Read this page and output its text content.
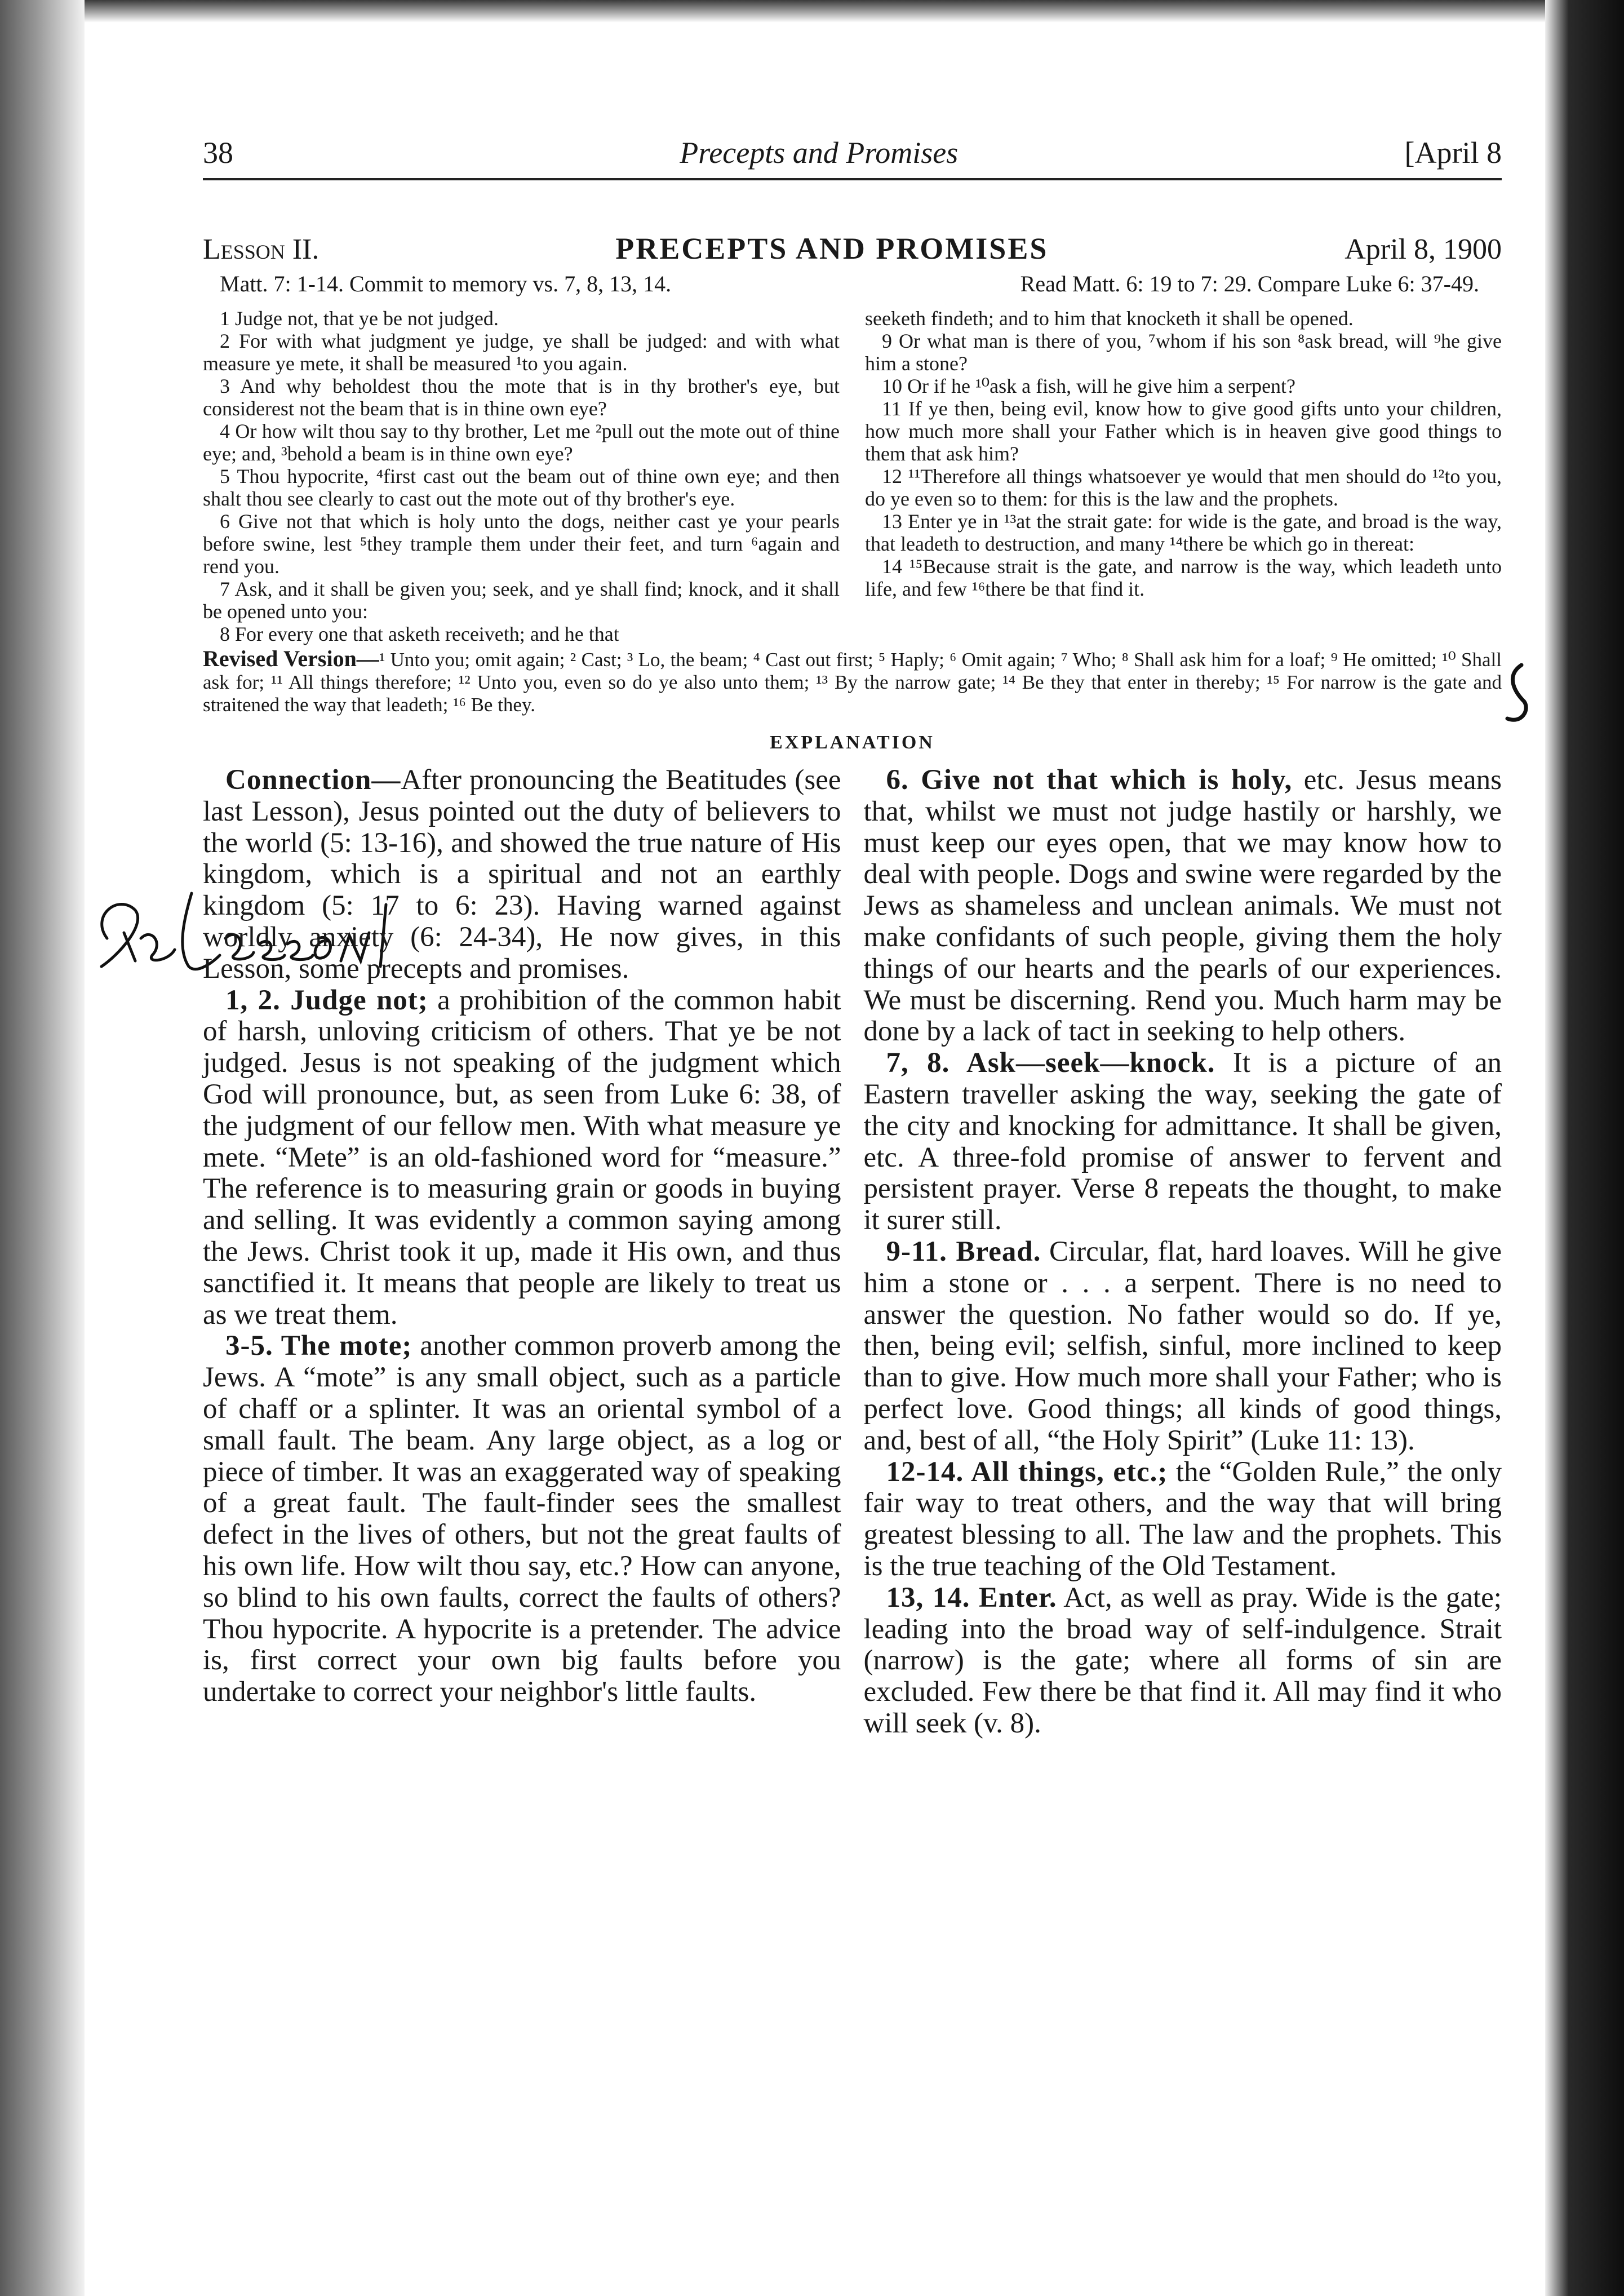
38	Precepts and Promises	[April 8
Lesson II.	PRECEPTS AND PROMISES	April 8, 1900
Matt. 7: 1-14. Commit to memory vs. 7, 8, 13, 14.	Read Matt. 6: 19 to 7: 29. Compare Luke 6: 37-49.

1 Judge not, that ye be not judged.

2 For with what judgment ye judge, ye shall be judged: and with what measure ye mete, it shall be measured ¹to you again.

3 And why beholdest thou the mote that is in thy brother's eye, but considerest not the beam that is in thine own eye?

4 Or how wilt thou say to thy brother, Let me ²pull out the mote out of thine eye; and, ³behold a beam is in thine own eye?

5 Thou hypocrite, ⁴first cast out the beam out of thine own eye; and then shalt thou see clearly to cast out the mote out of thy brother's eye.

6 Give not that which is holy unto the dogs, neither cast ye your pearls before swine, lest ⁵they trample them under their feet, and turn ⁶again and rend you.

7 Ask, and it shall be given you; seek, and ye shall find; knock, and it shall be opened unto you:

8 For every one that asketh receiveth; and he that

seeketh findeth; and to him that knocketh it shall be opened.

9 Or what man is there of you, ⁷whom if his son ⁸ask bread, will ⁹he give him a stone?

10 Or if he ¹⁰ask a fish, will he give him a serpent?

11 If ye then, being evil, know how to give good gifts unto your children, how much more shall your Father which is in heaven give good things to them that ask him?

12 ¹¹Therefore all things whatsoever ye would that men should do ¹²to you, do ye even so to them: for this is the law and the prophets.

13 Enter ye in ¹³at the strait gate: for wide is the gate, and broad is the way, that leadeth to destruction, and many ¹⁴there be which go in thereat:

14 ¹⁵Because strait is the gate, and narrow is the way, which leadeth unto life, and few ¹⁶there be that find it.

Revised Version—¹ Unto you; omit again; ² Cast; ³ Lo, the beam; ⁴ Cast out first; ⁵ Haply; ⁶ Omit again; ⁷ Who; ⁸ Shall ask him for a loaf; ⁹ He omitted; ¹⁰ Shall ask for; ¹¹ All things therefore; ¹² Unto you, even so do ye also unto them; ¹³ By the narrow gate; ¹⁴ Be they that enter in thereby; ¹⁵ For narrow is the gate and straitened the way that leadeth; ¹⁶ Be they.
EXPLANATION

Connection—After pronouncing the Beatitudes (see last Lesson), Jesus pointed out the duty of believers to the world (5: 13-16), and showed the true nature of His kingdom, which is a spiritual and not an earthly kingdom (5: 17 to 6: 23). Having warned against worldly anxiety (6: 24-34), He now gives, in this Lesson, some precepts and promises.

1, 2. Judge not; a prohibition of the common habit of harsh, unloving criticism of others. That ye be not judged. Jesus is not speaking of the judgment which God will pronounce, but, as seen from Luke 6: 38, of the judgment of our fellow men. With what measure ye mete. “Mete” is an old-fashioned word for “measure.” The reference is to measuring grain or goods in buying and selling. It was evidently a common saying among the Jews. Christ took it up, made it His own, and thus sanctified it. It means that people are likely to treat us as we treat them.

3-5. The mote; another common proverb among the Jews. A “mote” is any small object, such as a particle of chaff or a splinter. It was an oriental symbol of a small fault. The beam. Any large object, as a log or piece of timber. It was an exaggerated way of speaking of a great fault. The fault-finder sees the smallest defect in the lives of others, but not the great faults of his own life. How wilt thou say, etc.? How can anyone, so blind to his own faults, correct the faults of others? Thou hypocrite. A hypocrite is a pretender. The advice is, first correct your own big faults before you undertake to correct your neighbor's little faults.

6. Give not that which is holy, etc. Jesus means that, whilst we must not judge hastily or harshly, we must keep our eyes open, that we may know how to deal with people. Dogs and swine were regarded by the Jews as shameless and unclean animals. We must not make confidants of such people, giving them the holy things of our hearts and the pearls of our experiences. We must be discerning. Rend you. Much harm may be done by a lack of tact in seeking to help others.

7, 8. Ask—seek—knock. It is a picture of an Eastern traveller asking the way, seeking the gate of the city and knocking for admittance. It shall be given, etc. A three-fold promise of answer to fervent and persistent prayer. Verse 8 repeats the thought, to make it surer still.

9-11. Bread. Circular, flat, hard loaves. Will he give him a stone or . . . a serpent. There is no need to answer the question. No father would so do. If ye, then, being evil; selfish, sinful, more inclined to keep than to give. How much more shall your Father; who is perfect love. Good things; all kinds of good things, and, best of all, “the Holy Spirit” (Luke 11: 13).

12-14. All things, etc.; the “Golden Rule,” the only fair way to treat others, and the way that will bring greatest blessing to all. The law and the prophets. This is the true teaching of the Old Testament.

13, 14. Enter. Act, as well as pray. Wide is the gate; leading into the broad way of self-indulgence. Strait (narrow) is the gate; where all forms of sin are excluded. Few there be that find it. All may find it who will seek (v. 8).
